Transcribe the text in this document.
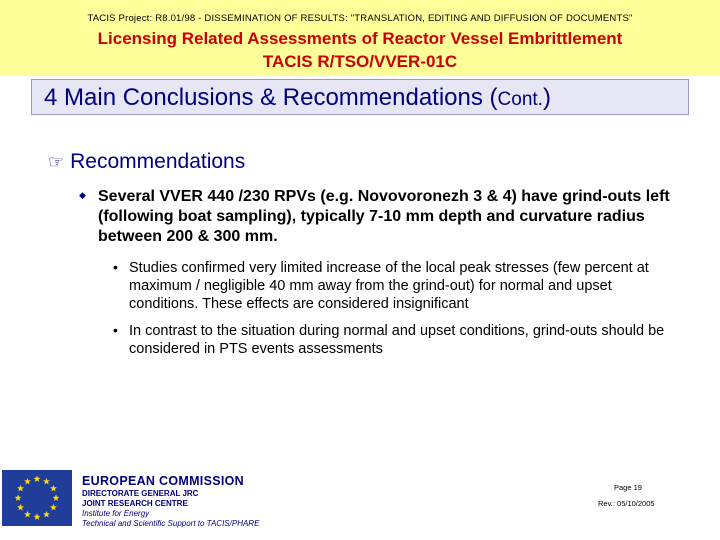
TACIS Project: R8.01/98 - DISSEMINATION OF RESULTS: "TRANSLATION, EDITING AND DIFFUSION OF DOCUMENTS"
Licensing Related Assessments of Reactor Vessel Embrittlement
TACIS R/TSO/VVER-01C
4 Main Conclusions & Recommendations (Cont.)
☞ Recommendations
◆ Several VVER 440 /230 RPVs (e.g. Novovoronezh 3 & 4) have grind-outs left (following boat sampling), typically 7-10 mm depth and curvature radius between 200 & 300 mm.
• Studies confirmed very limited increase of the local peak stresses (few percent at maximum / negligible 40 mm away from the grind-out) for normal and upset conditions. These effects are considered insignificant
• In contrast to the situation during normal and upset conditions, grind-outs should be considered in PTS events assessments
EUROPEAN COMMISSION
DIRECTORATE GENERAL JRC
JOINT RESEARCH CENTRE
Institute for Energy
Technical and Scientific Support to TACIS/PHARE
Page 19
Rev.: 05/10/2005
